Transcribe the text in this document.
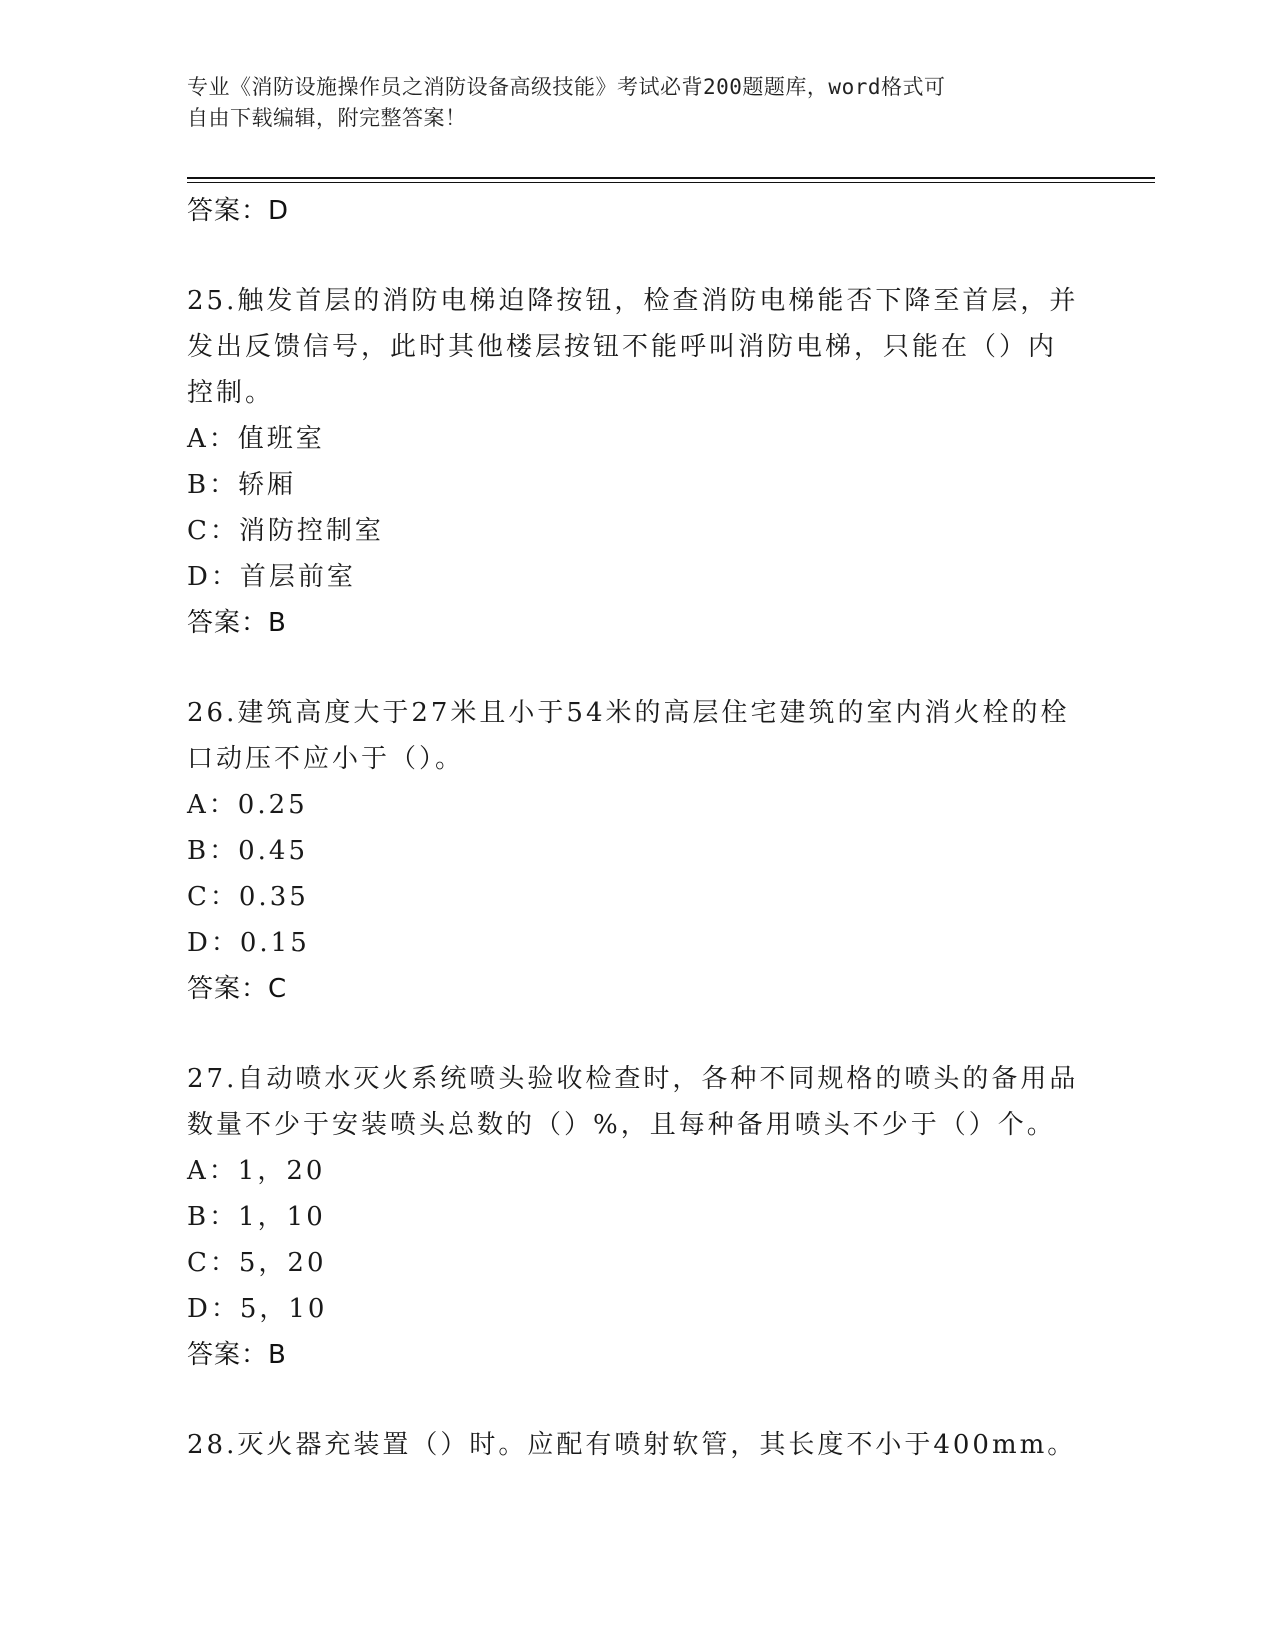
专业《消防设施操作员之消防设备高级技能》考试必背200题题库，word格式可
自由下载编辑，附完整答案！
答案：D
25.触发首层的消防电梯迫降按钮，检查消防电梯能否下降至首层，并
发出反馈信号，此时其他楼层按钮不能呼叫消防电梯，只能在（）内
控制。
A：值班室
B：轿厢
C：消防控制室
D：首层前室
答案：B
26.建筑高度大于27米且小于54米的高层住宅建筑的室内消火栓的栓
口动压不应小于（）。
A：0.25
B：0.45
C：0.35
D：0.15
答案：C
27.自动喷水灭火系统喷头验收检查时，各种不同规格的喷头的备用品
数量不少于安装喷头总数的（）%，且每种备用喷头不少于（）个。
A：1，20
B：1，10
C：5，20
D：5，10
答案：B
28.灭火器充装置（）时。应配有喷射软管，其长度不小于400mm。
